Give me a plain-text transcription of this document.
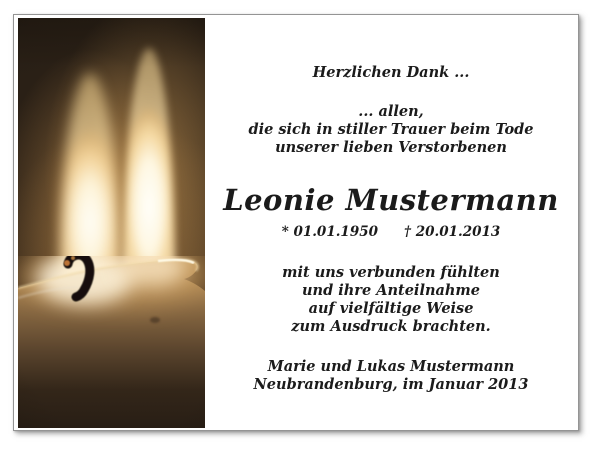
Herzlichen Dank ...
... allen,
die sich in stiller Trauer beim Tode
unserer lieben Verstorbenen
Leonie Mustermann
* 01.01.1950 † 20.01.2013
mit uns verbunden fühlten
und ihre Anteilnahme
auf vielfältige Weise
zum Ausdruck brachten.
Marie und Lukas Mustermann
Neubrandenburg, im Januar 2013
